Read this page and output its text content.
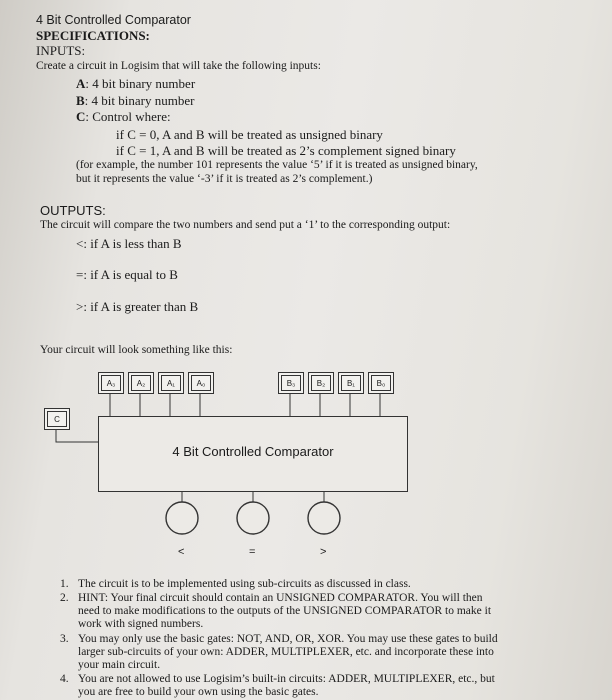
4 Bit Controlled Comparator
SPECIFICATIONS:
INPUTS:
Create a circuit in Logisim that will take the following inputs:
A: 4 bit binary number
B: 4 bit binary number
C: Control where:
if C = 0, A and B will be treated as unsigned binary
if C = 1, A and B will be treated as 2’s complement signed binary
(for example, the number 101 represents the value ‘5’ if it is treated as unsigned binary,
but it represents the value ‘-3’ if it is treated as 2’s complement.)
OUTPUTS:
The circuit will compare the two numbers and send put a ‘1’ to the corresponding output:
<: if A is less than B
=: if A is equal to B
>: if A is greater than B
Your circuit will look something like this:
A₃	A₂	A₁	A₀	B₃	B₂	B₁	B₀
C
4 Bit Controlled Comparator
<	=	>
1. The circuit is to be implemented using sub-circuits as discussed in class.
2. HINT: Your final circuit should contain an UNSIGNED COMPARATOR. You will then need to make modifications to the outputs of the UNSIGNED COMPARATOR to make it work with signed numbers.
3. You may only use the basic gates: NOT, AND, OR, XOR. You may use these gates to build larger sub-circuits of your own: ADDER, MULTIPLEXER, etc. and incorporate these into your main circuit.
4. You are not allowed to use Logisim’s built-in circuits: ADDER, MULTIPLEXER, etc., but you are free to build your own using the basic gates.
